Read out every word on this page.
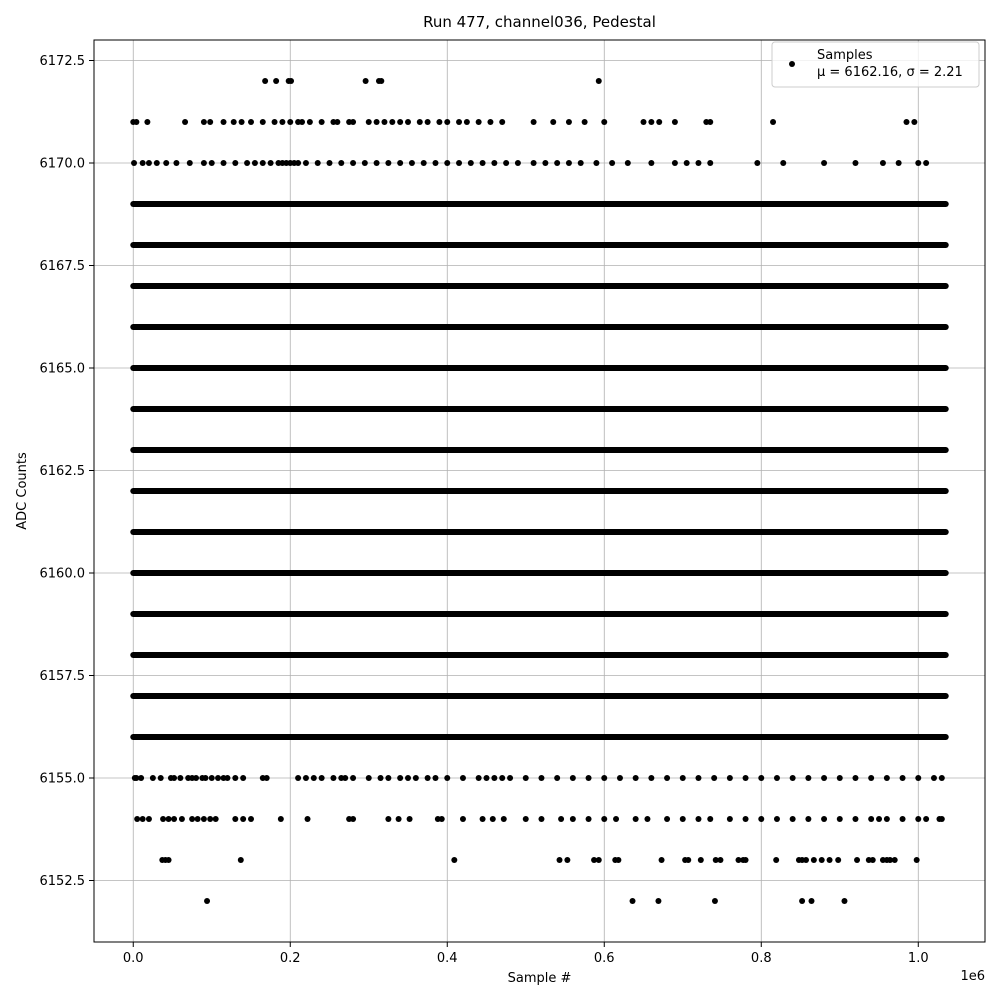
0.0	0.2	0.4	0.6	0.8	1.0
6152.5
6155.0
6157.5
6160.0
6162.5
6165.0
6167.5
6170.0
6172.5
Run 477, channel036, Pedestal
Sample #
ADC Counts
1e6
Samples
μ = 6162.16, σ = 2.21
